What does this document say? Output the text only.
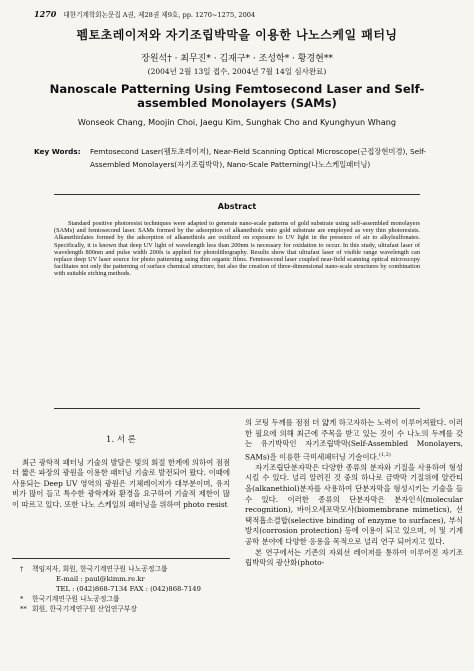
1270 대한기계학회논문집 A권, 제28권 제9호, pp. 1270~1275, 2004
펨토초레이저와 자기조립박막을 이용한 나노스케일 패터닝
장원석† · 최무진* · 김재구* · 조성학* · 황경현**
(2004년 2월 13일 접수, 2004년 7월 14일 심사완료)
Nanoscale Patterning Using Femtosecond Laser and Self-assembled Monolayers (SAMs)
Wonseok Chang, Moojin Choi, Jaegu Kim, Sunghak Cho and Kyunghyun Whang
Key Words: Femtosecond Laser(펨토초레이저), Near-Field Scanning Optical Microscope(근접장현미경), Self-Assembled Monolayers(자기조립박막), Nano-Scale Patterning(나노스케일패터닝)
Abstract
Standard positive photoresist techniques were adapted to generate nano-scale patterns of gold substrate using self-assembled monolayers (SAMs) and femtosecond laser. SAMs formed by the adsorption of alkanethiols onto gold substrate are employed as very thin photoresists. Alkanethiolates formed by the adsorption of alkanethiols are oxidized on exposure to UV light in the presence of air to alkylsulfonates. Specifically, it is known that deep UV light of wavelength less than 200nm is necessary for oxidation to occur. In this study, ultrafast laser of wavelength 800nm and pulse width 200fs is applied for photolithography. Results show that ultrafast laser of visible range wavelength can replace deep UV laser source for photo patterning using thin organic films. Femtosecond laser coupled near-field scanning optical microscopy facilitates not only the patterning of surface chemical structure, but also the creation of three-dimensional nano-scale structures by combination with suitable etching methods.
1. 서 론

최근 광학적 패터닝 기술의 발달은 빛의 회절 한계에 의하여 점점 더 짧은 파장의 광원을 이용한 패터닝 기술로 발전되어 왔다. 이때에 사용되는 Deep UV 영역의 광원은 기체레이저가 대부분이며, 유지비가 많이 들고 특수한 광학계와 환경을 요구하여 기술적 제한이 많이 따르고 있다. 또한 나노 스케일의 패터닝을 위하여 photo resist

의 코팅 두께를 점점 더 얇게 하고자하는 노력이 이루어져왔다. 이러한 필요에 의해 최근에 주목을 받고 있는 것이 수 나노의 두께를 갖는 유기박막인 자기조립박막(Self-Assembled Monolayers, SAMs)을 이용한 극미세패터닝 기술이다.$^{(1,2)}$

자기조립단분자막은 다양한 종류의 분자와 기질을 사용하여 형성시킬 수 있다. 널리 알려진 것 중의 하나로 금박막 기질위에 알칸티올(alkanethiol)분자를 사용하여 단분자막을 형성시키는 기술을 들 수 있다. 이러한 종류의 단분자막은 분자인식(molecular recognition), 바이오세포막모사(biomembrane mimetics), 선택적흡소결합(selective binding of enzyme to surfaces), 부식방지(corrosion protection) 등에 이용이 되고 있으며, 이 및 기계공학 분야에 다양한 응용을 목적으로 널리 연구 되어지고 있다.

본 연구에서는 기존의 자외선 레이저를 통하여 이루어진 자기조립박막의 광산화(photo-

† 책임저자, 회원, 한국기계연구원 나노공정그룹
E-mail : paul@kimm.re.kr
TEL : (042)868-7134 FAX : (042)868-7149
* 한국기계연구원 나노공정그룹
** 회원, 한국기계연구원 산업연구부장
